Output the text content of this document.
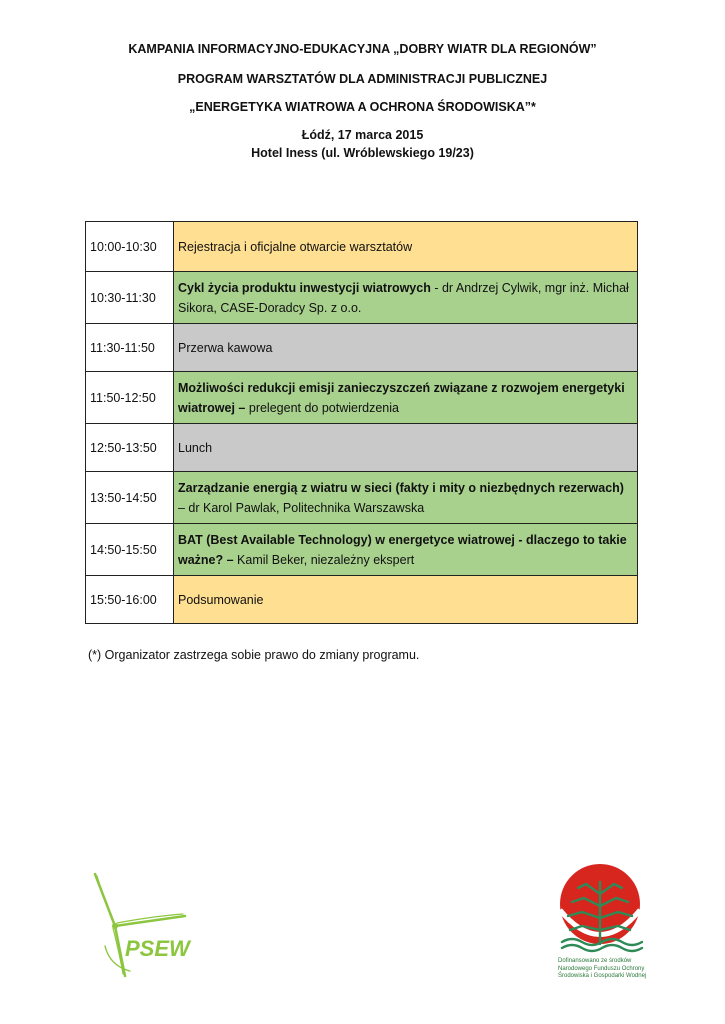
KAMPANIA INFORMACYJNO-EDUKACYJNA „DOBRY WIATR DLA REGIONÓW”
PROGRAM WARSZTATÓW DLA ADMINISTRACJI PUBLICZNEJ
„ENERGETYKA WIATROWA A OCHRONA ŚRODOWISKA”*
Łódź, 17 marca 2015
Hotel Iness (ul. Wróblewskiego 19/23)
10:00-10:30	Rejestracja i oficjalne otwarcie warsztatów
10:30-11:30	Cykl życia produktu inwestycji wiatrowych - dr Andrzej Cylwik, mgr inż. Michał Sikora, CASE-Doradcy Sp. z o.o.
11:30-11:50	Przerwa kawowa
11:50-12:50	Możliwości redukcji emisji zanieczyszczeń związane z rozwojem energetyki wiatrowej – prelegent do potwierdzenia
12:50-13:50	Lunch
13:50-14:50	Zarządzanie energią z wiatru w sieci (fakty i mity o niezbędnych rezerwach) – dr Karol Pawlak, Politechnika Warszawska
14:50-15:50	BAT (Best Available Technology) w energetyce wiatrowej - dlaczego to takie ważne? – Kamil Beker, niezależny ekspert
15:50-16:00	Podsumowanie
(*) Organizator zastrzega sobie prawo do zmiany programu.
PSEW	Dofinansowano ze środków Narodowego Funduszu Ochrony Środowiska i Gospodarki Wodnej
